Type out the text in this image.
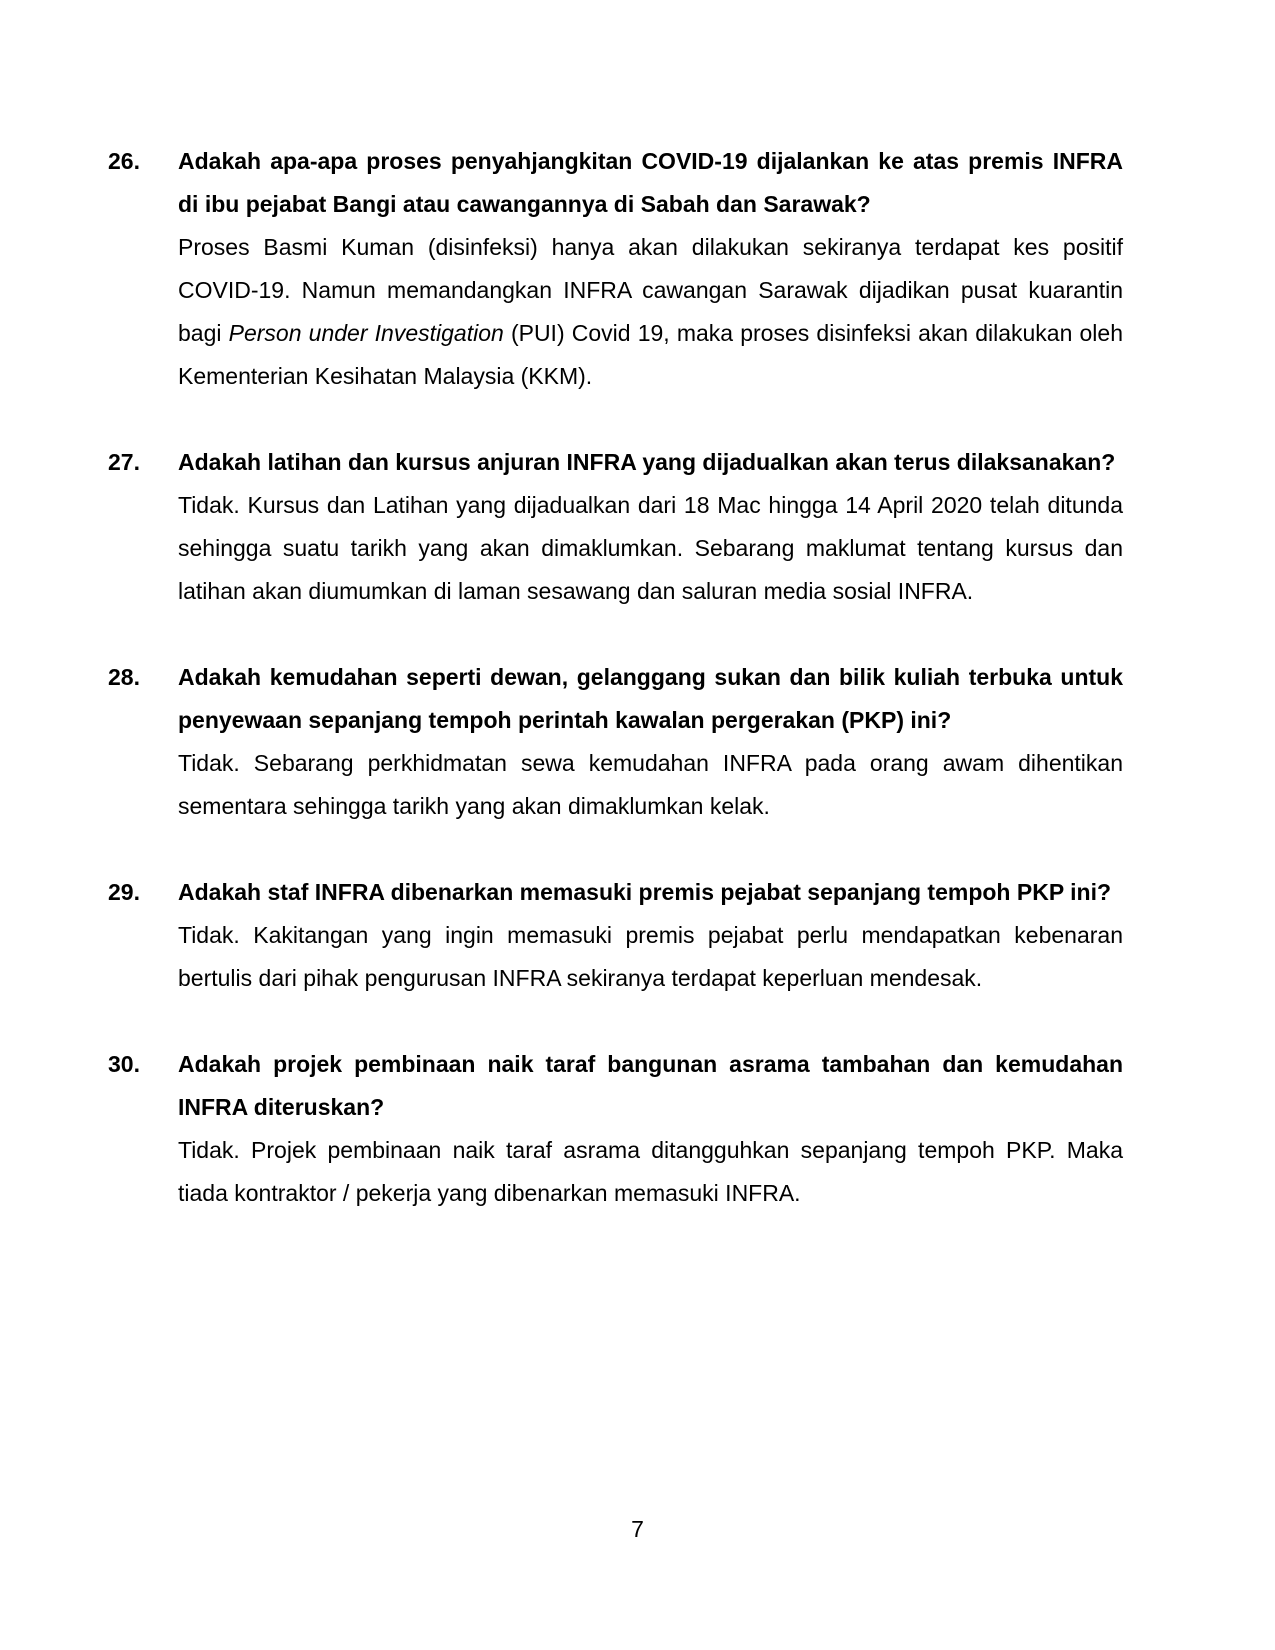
26.	Adakah apa-apa proses penyahjangkitan COVID-19 dijalankan ke atas premis INFRA di ibu pejabat Bangi atau cawangannya di Sabah dan Sarawak?

Proses Basmi Kuman (disinfeksi) hanya akan dilakukan sekiranya terdapat kes positif COVID-19. Namun memandangkan INFRA cawangan Sarawak dijadikan pusat kuarantin bagi Person under Investigation (PUI) Covid 19, maka proses disinfeksi akan dilakukan oleh Kementerian Kesihatan Malaysia (KKM).

27.	Adakah latihan dan kursus anjuran INFRA yang dijadualkan akan terus dilaksanakan?

Tidak. Kursus dan Latihan yang dijadualkan dari 18 Mac hingga 14 April 2020 telah ditunda sehingga suatu tarikh yang akan dimaklumkan. Sebarang maklumat tentang kursus dan latihan akan diumumkan di laman sesawang dan saluran media sosial INFRA.

28.	Adakah kemudahan seperti dewan, gelanggang sukan dan bilik kuliah terbuka untuk penyewaan sepanjang tempoh perintah kawalan pergerakan (PKP) ini?

Tidak. Sebarang perkhidmatan sewa kemudahan INFRA pada orang awam dihentikan sementara sehingga tarikh yang akan dimaklumkan kelak.

29.	Adakah staf INFRA dibenarkan memasuki premis pejabat sepanjang tempoh PKP ini?

Tidak. Kakitangan yang ingin memasuki premis pejabat perlu mendapatkan kebenaran bertulis dari pihak pengurusan INFRA sekiranya terdapat keperluan mendesak.

30.	Adakah projek pembinaan naik taraf bangunan asrama tambahan dan kemudahan INFRA diteruskan?

Tidak. Projek pembinaan naik taraf asrama ditangguhkan sepanjang tempoh PKP. Maka tiada kontraktor / pekerja yang dibenarkan memasuki INFRA.

7
